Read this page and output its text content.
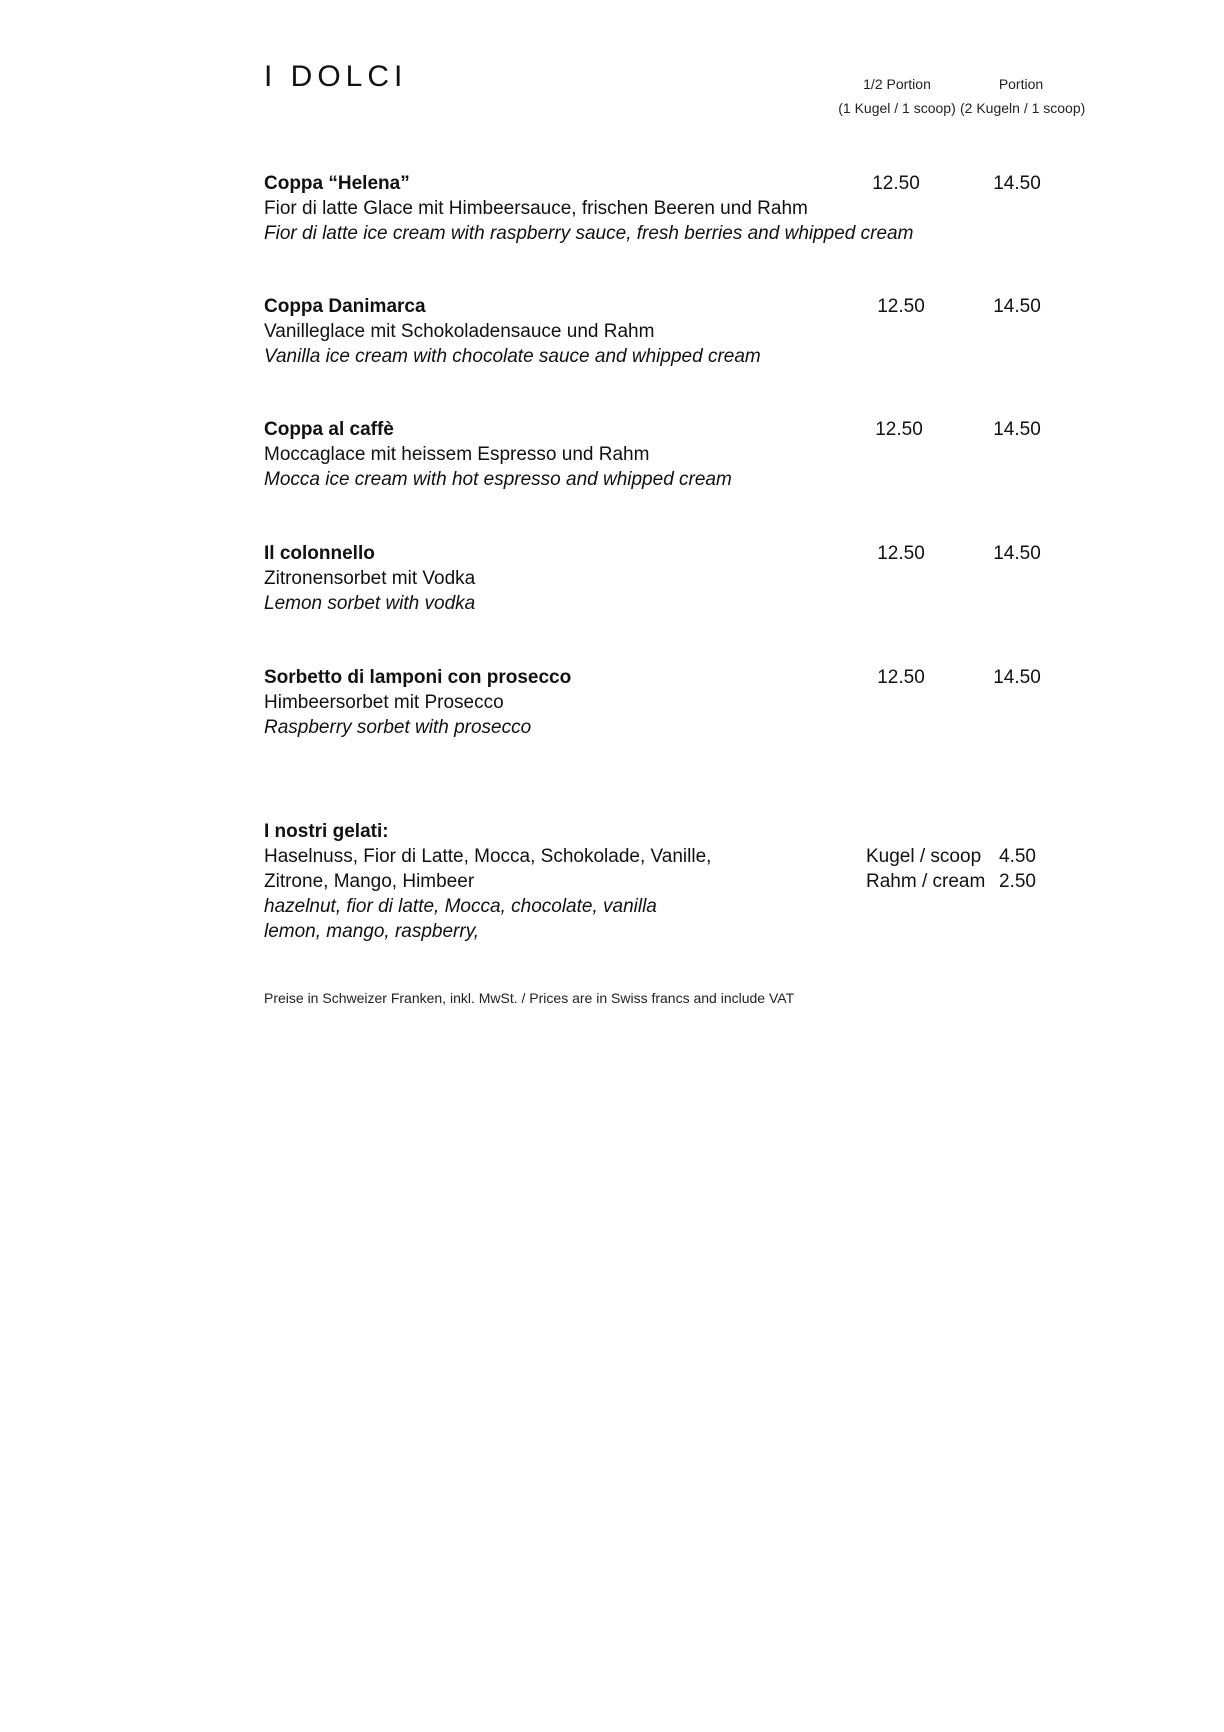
I DOLCI	1/2 Portion
(1 Kugel / 1 scoop)
Portion
(2 Kugeln / 1 scoop)
Coppa “Helena”
Fior di latte Glace mit Himbeersauce, frischen Beeren und Rahm
Fior di latte ice cream with raspberry sauce, fresh berries and whipped cream
12.50	14.50
Coppa Danimarca
Vanilleglace mit Schokoladensauce und Rahm
Vanilla ice cream with chocolate sauce and whipped cream
12.50	14.50
Coppa al caffè
Moccaglace mit heissem Espresso und Rahm
Mocca ice cream with hot espresso and whipped cream
12.50	14.50
Il colonnello
Zitronensorbet mit Vodka
Lemon sorbet with vodka
12.50	14.50
Sorbetto di lamponi con prosecco
Himbeersorbet mit Prosecco
Raspberry sorbet with prosecco
12.50	14.50
I nostri gelati:
Haselnuss, Fior di Latte, Mocca, Schokolade, Vanille,
Zitrone, Mango, Himbeer
hazelnut, fior di latte, Mocca, chocolate, vanilla
lemon, mango, raspberry,
Kugel / scoop 4.50
Rahm / cream 2.50
Preise in Schweizer Franken, inkl. MwSt. / Prices are in Swiss francs and include VAT
